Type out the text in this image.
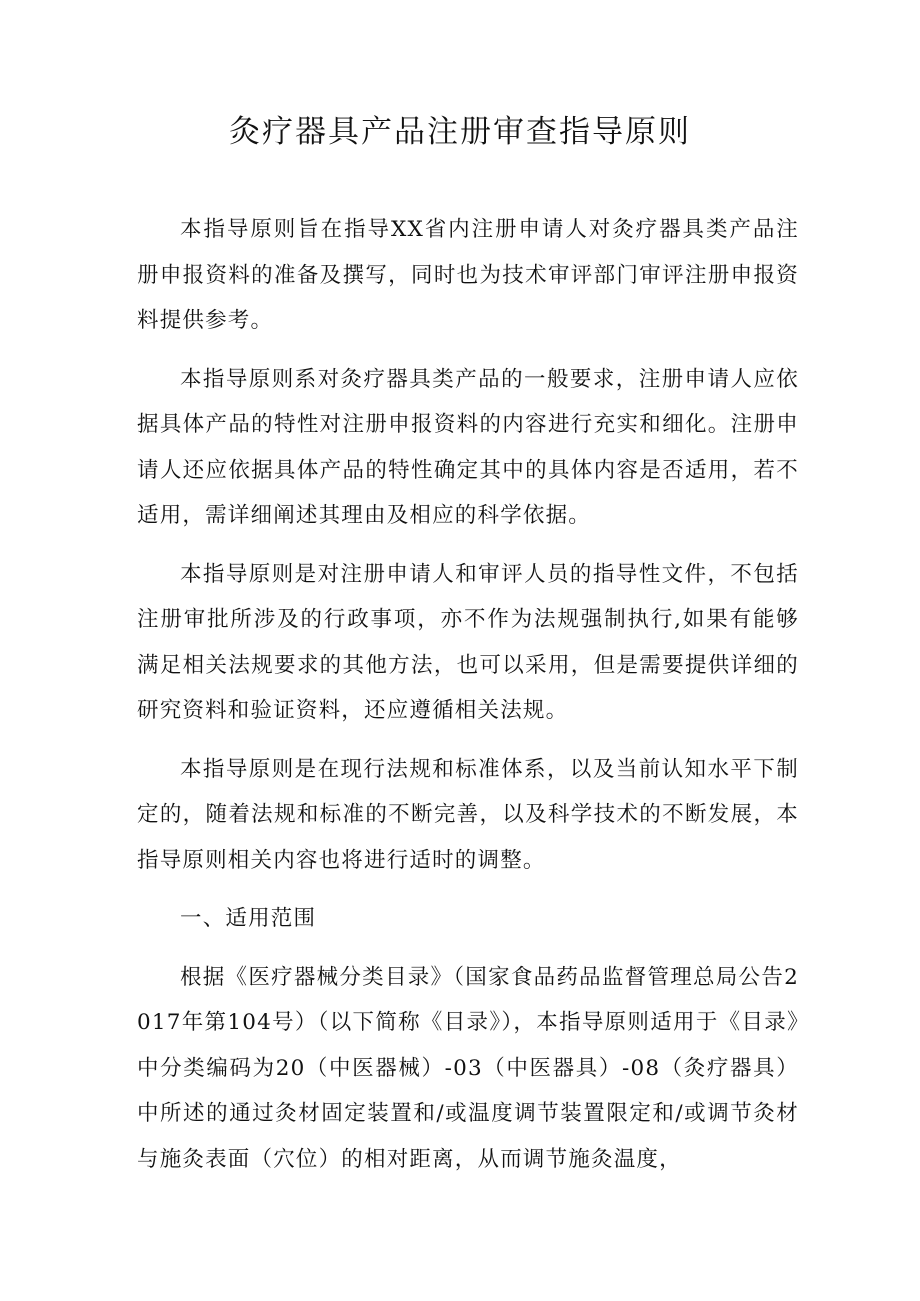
灸疗器具产品注册审查指导原则

本指导原则旨在指导XX省内注册申请人对灸疗器具类产品注册申报资料的准备及撰写，同时也为技术审评部门审评注册申报资料提供参考。

本指导原则系对灸疗器具类产品的一般要求，注册申请人应依据具体产品的特性对注册申报资料的内容进行充实和细化。注册申请人还应依据具体产品的特性确定其中的具体内容是否适用，若不适用，需详细阐述其理由及相应的科学依据。

本指导原则是对注册申请人和审评人员的指导性文件，不包括注册审批所涉及的行政事项，亦不作为法规强制执行,如果有能够满足相关法规要求的其他方法，也可以采用，但是需要提供详细的研究资料和验证资料，还应遵循相关法规。

本指导原则是在现行法规和标准体系，以及当前认知水平下制定的，随着法规和标准的不断完善，以及科学技术的不断发展，本指导原则相关内容也将进行适时的调整。

一、适用范围

根据《医疗器械分类目录》（国家食品药品监督管理总局公告2017年第104号）（以下简称《目录》），本指导原则适用于《目录》中分类编码为20（中医器械）-03（中医器具）-08（灸疗器具）中所述的通过灸材固定装置和/或温度调节装置限定和/或调节灸材与施灸表面（穴位）的相对距离，从而调节施灸温度，
